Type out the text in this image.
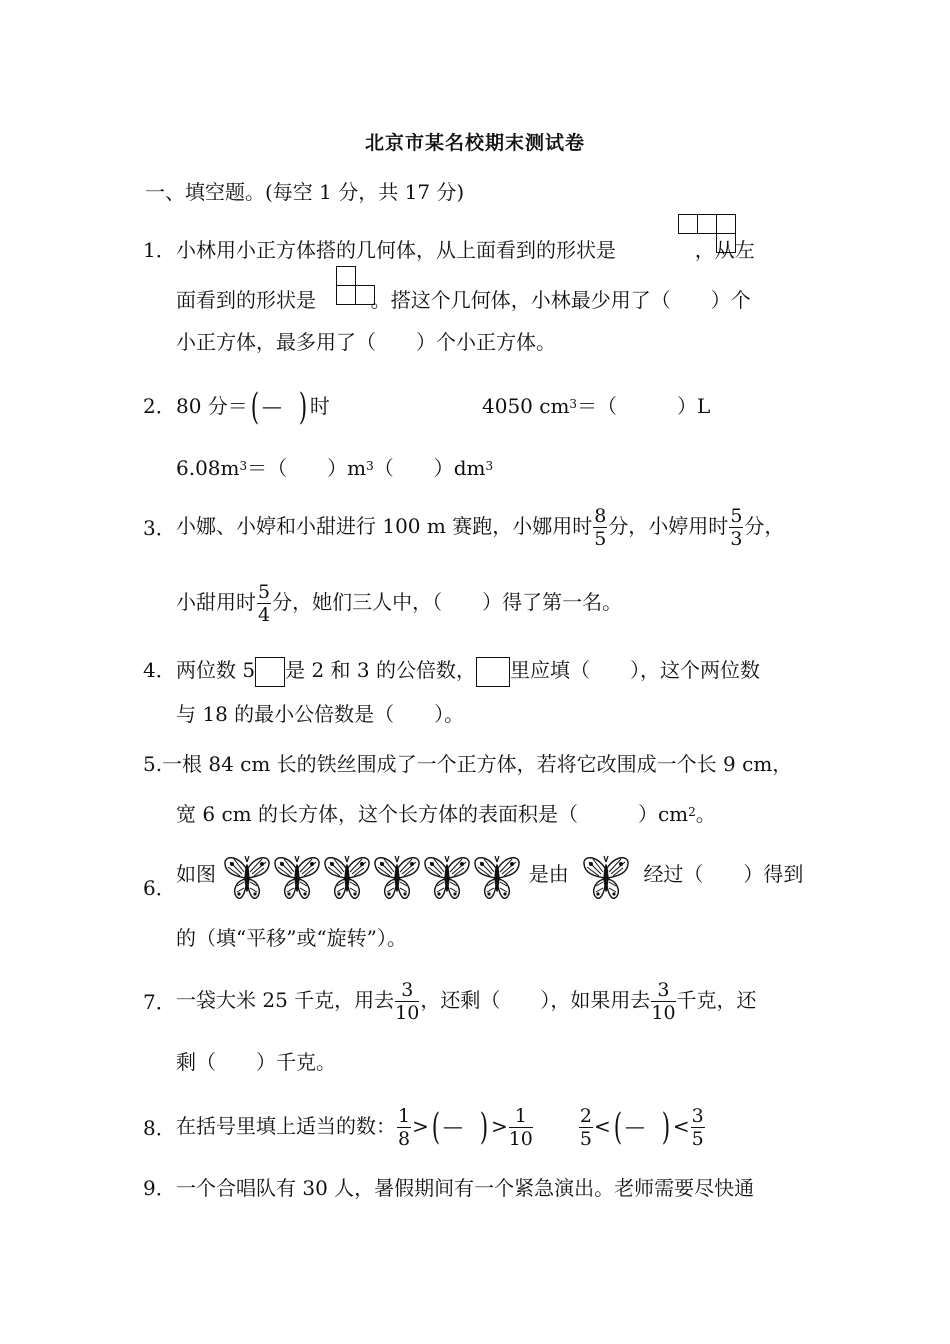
北京市某名校期末测试卷
一、填空题。(每空 1 分，共 17 分)
1． 小林用小正方体搭的几何体，从上面看到的形状是	，从左
面看到的形状是	。搭这个几何体，小林最少用了（　　）个
小正方体，最多用了（　　）个小正方体。
2． 80 分＝( — ) 时	4050 $cm^3=$（　　　）L
$6.08m^3=$（　　）$m^3$（　　）$dm^3$
3． 小娜、小婷和小甜进行 100 m 赛跑，小娜用时 $\frac{8}{5}$ 分，小婷用时 $\frac{5}{3}$ 分，
小甜用时 $\frac{5}{4}$ 分，她们三人中，（　　）得了第一名。
4． 两位数 5 是 2 和 3 的公倍数， 里应填（　　），这个两位数
与 18 的最小公倍数是（　　）。
5. 一根 84 cm 长的铁丝围成了一个正方体，若将它改围成一个长 9 cm，
宽 6 cm 的长方体，这个长方体的表面积是（　　　）$cm^2$。
6．
如图	是由	经过（　　）得到
的（填“平移”或“旋转”）。
7． 一袋大米 25 千克，用去 $\frac{3}{10}$ ，还剩（　　），如果用去 $\frac{3}{10}$ 千克，还
剩（　　）千克。
8． 在括号里填上适当的数： $\frac{1}{8}$ >( — ) > $\frac{1}{10} \frac{2}{5}$ <( — ) < $\frac{3}{5}$
9． 一个合唱队有 30 人，暑假期间有一个紧急演出。老师需要尽快通
